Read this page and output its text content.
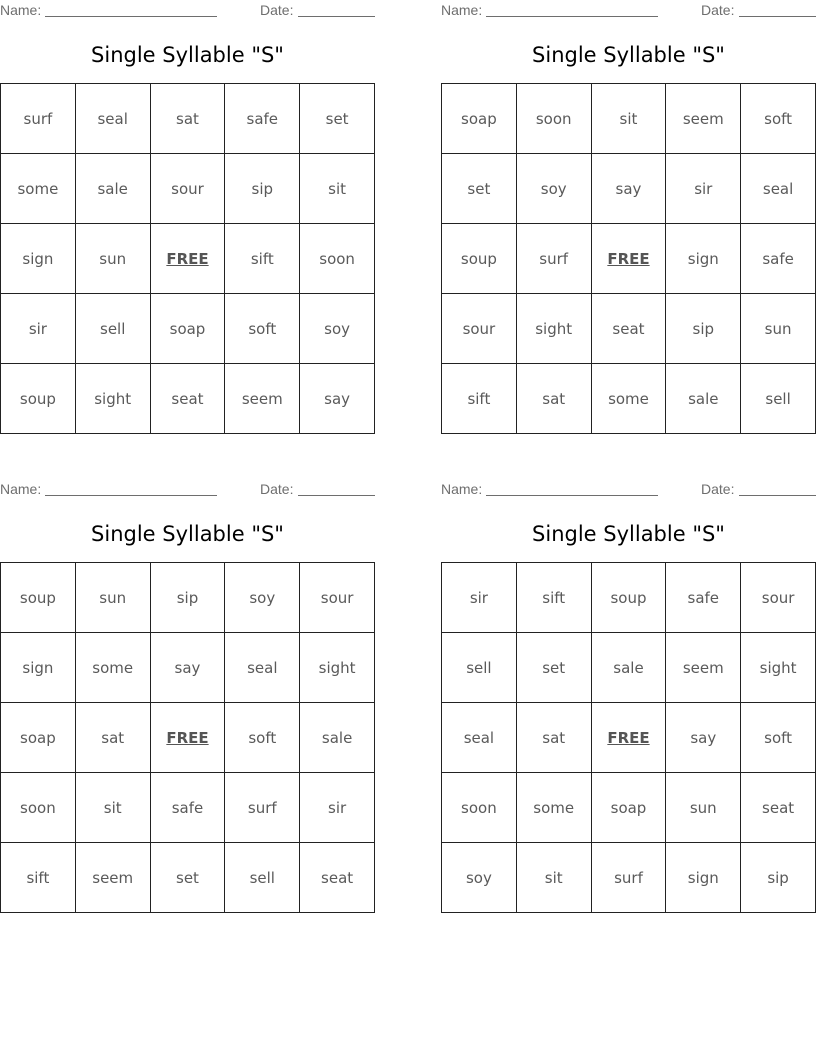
Name:	Date:
Single Syllable "S"
surf	seal	sat	safe	set
some	sale	sour	sip	sit
sign	sun	FREE	sift	soon
sir	sell	soap	soft	soy
soup	sight	seat	seem	say
Name:	Date:
Single Syllable "S"
soap	soon	sit	seem	soft
set	soy	say	sir	seal
soup	surf	FREE	sign	safe
sour	sight	seat	sip	sun
sift	sat	some	sale	sell
Name:	Date:
Single Syllable "S"
soup	sun	sip	soy	sour
sign	some	say	seal	sight
soap	sat	FREE	soft	sale
soon	sit	safe	surf	sir
sift	seem	set	sell	seat
Name:	Date:
Single Syllable "S"
sir	sift	soup	safe	sour
sell	set	sale	seem	sight
seal	sat	FREE	say	soft
soon	some	soap	sun	seat
soy	sit	surf	sign	sip
